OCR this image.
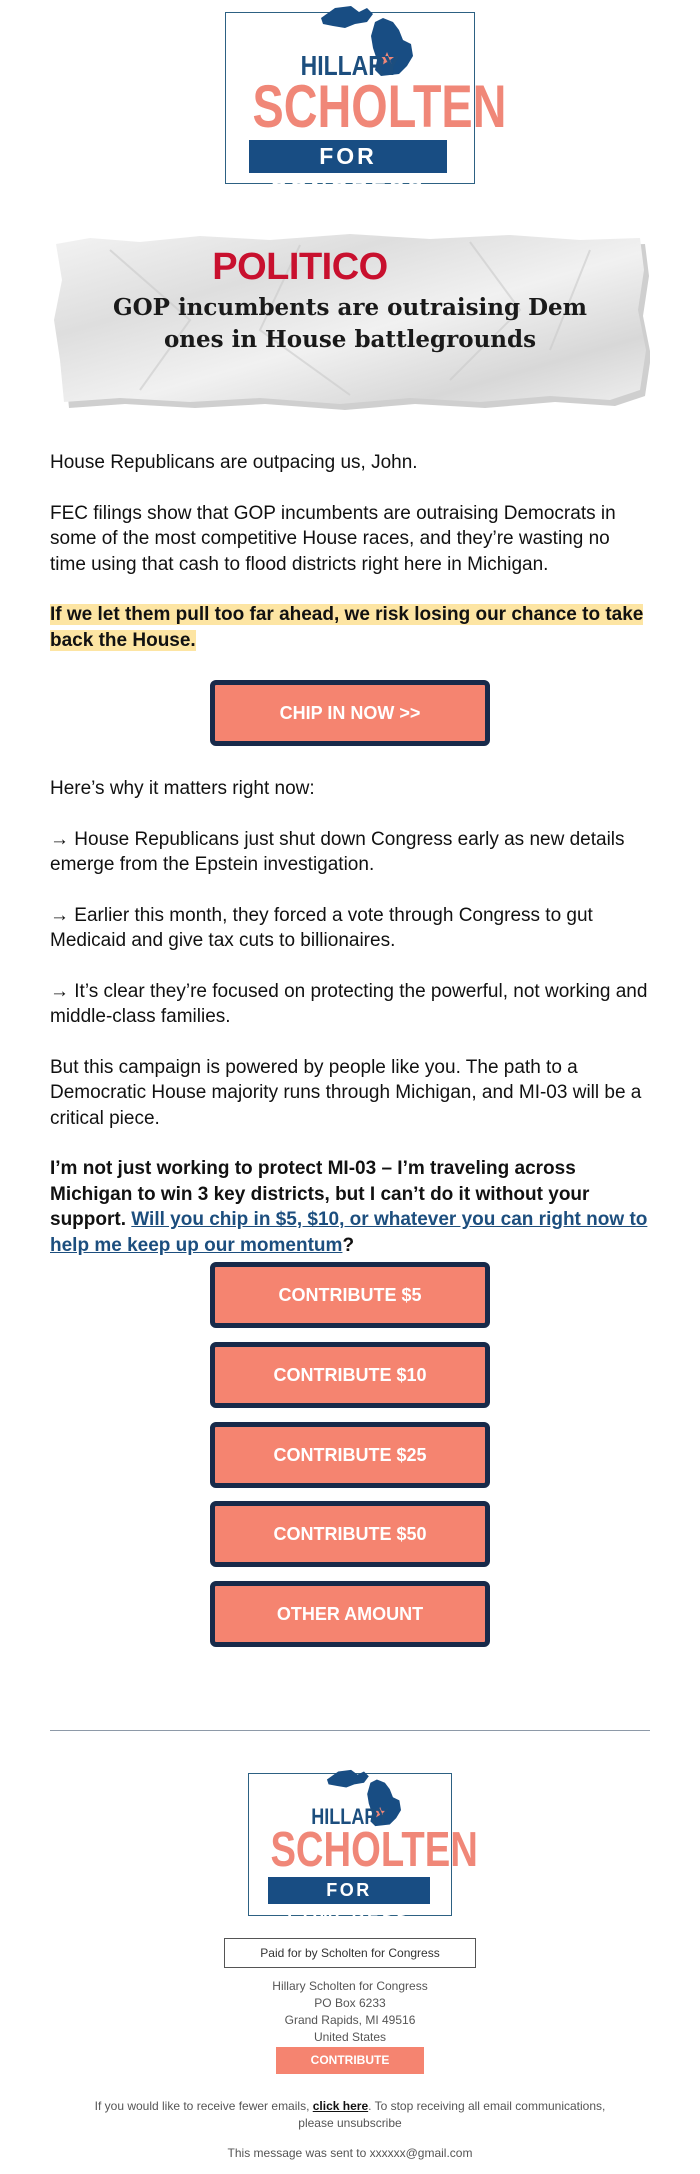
HILLARY
SCHOLTEN
FOR CONGRESS
POLITICO
GOP incumbents are outraising Dem ones in House battlegrounds

House Republicans are outpacing us, John.

FEC filings show that GOP incumbents are outraising Democrats in some of the most competitive House races, and they’re wasting no time using that cash to flood districts right here in Michigan.

If we let them pull too far ahead, we risk losing our chance to take back the House.

Here’s why it matters right now:

→ House Republicans just shut down Congress early as new details emerge from the Epstein investigation.

→ Earlier this month, they forced a vote through Congress to gut Medicaid and give tax cuts to billionaires.

→ It’s clear they’re focused on protecting the powerful, not working and middle-class families.

But this campaign is powered by people like you. The path to a Democratic House majority runs through Michigan, and MI-03 will be a critical piece.

I’m not just working to protect MI-03 – I’m traveling across Michigan to win 3 key districts, but I can’t do it without your support. Will you chip in $5, $10, or whatever you can right now to help me keep up our momentum?

CHIP IN NOW >>
CONTRIBUTE $5
CONTRIBUTE $10
CONTRIBUTE $25
CONTRIBUTE $50
OTHER AMOUNT
HILLARY
SCHOLTEN
FOR CONGRESS
Paid for by Scholten for Congress
Hillary Scholten for Congress
PO Box 6233
Grand Rapids, MI 49516
United States
CONTRIBUTE
If you would like to receive fewer emails, click here. To stop receiving all email communications, please unsubscribe
This message was sent to xxxxxx@gmail.com
